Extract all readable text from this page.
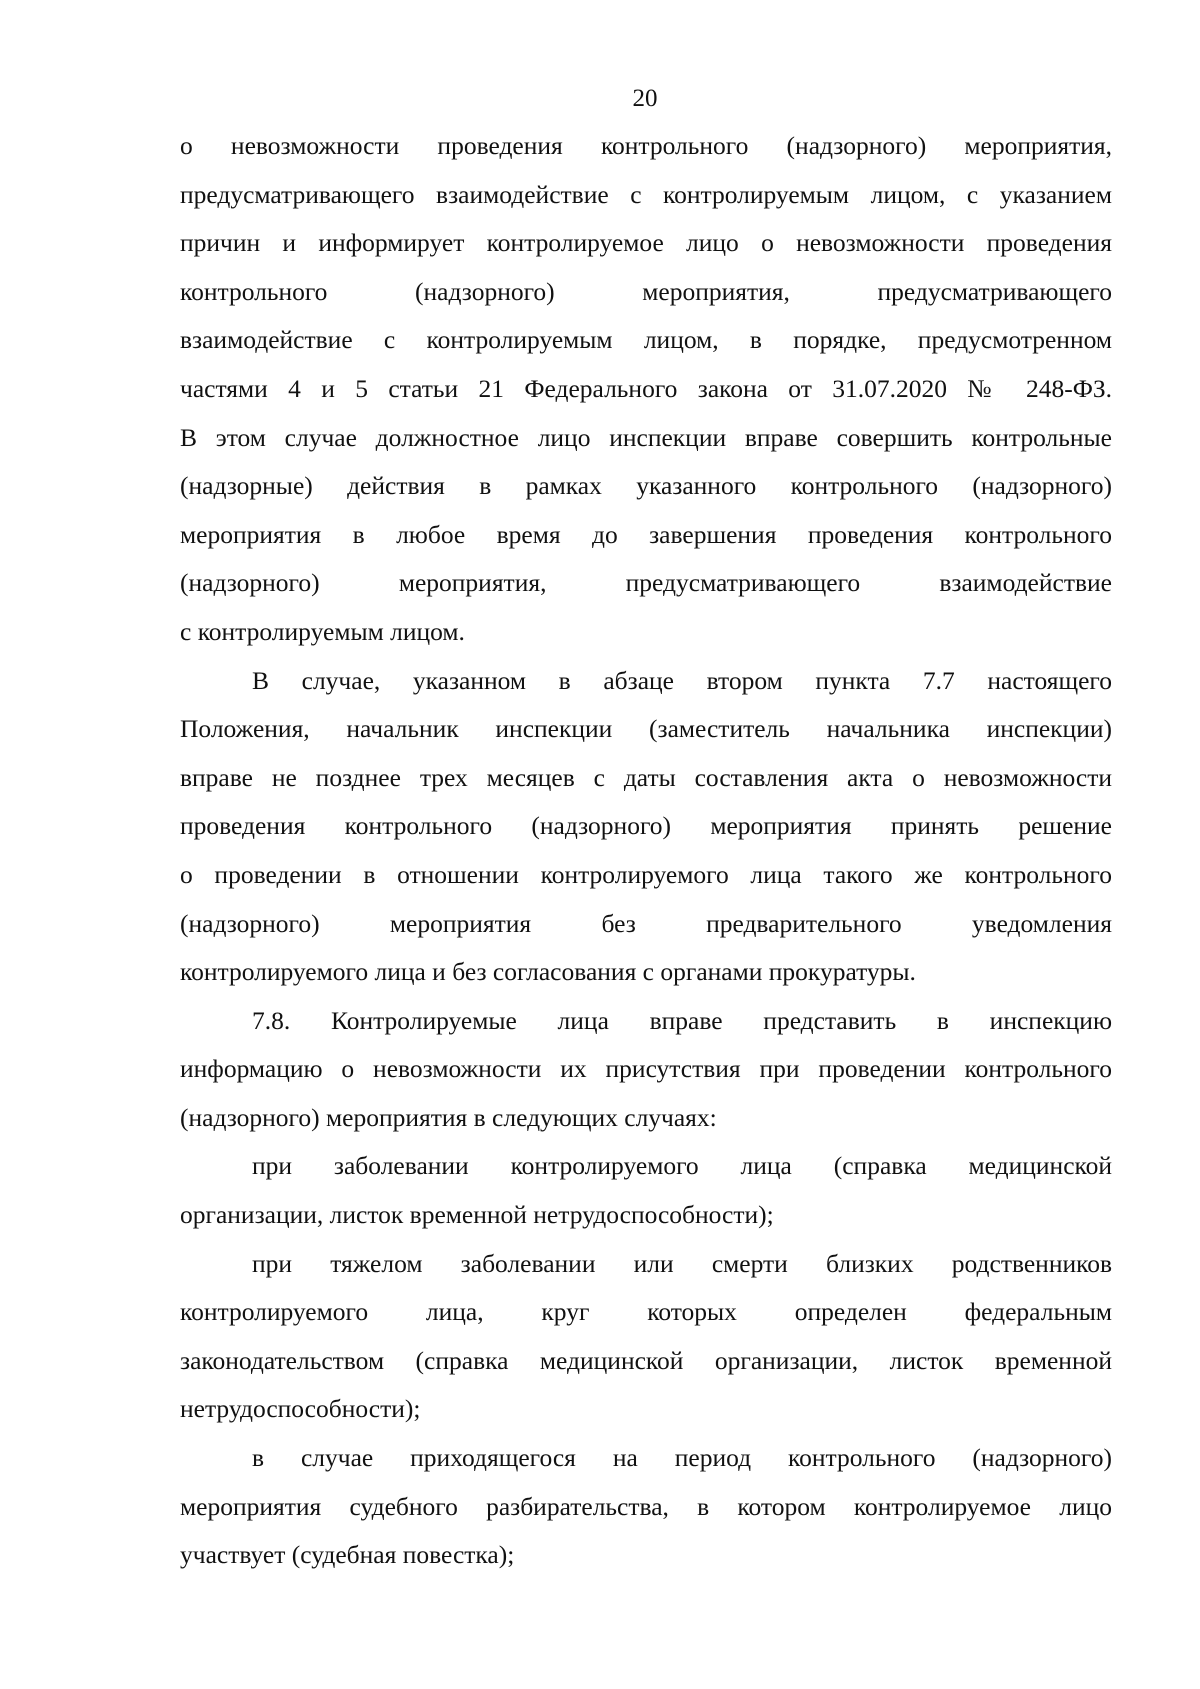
20

о невозможности проведения контрольного (надзорного) мероприятия,
предусматривающего взаимодействие с контролируемым лицом, с указанием
причин и информирует контролируемое лицо о невозможности проведения
контрольного (надзорного) мероприятия, предусматривающего
взаимодействие с контролируемым лицом, в порядке, предусмотренном
частями 4 и 5 статьи 21 Федерального закона от 31.07.2020 № 248-ФЗ.
В этом случае должностное лицо инспекции вправе совершить контрольные
(надзорные) действия в рамках указанного контрольного (надзорного)
мероприятия в любое время до завершения проведения контрольного
(надзорного) мероприятия, предусматривающего взаимодействие
с контролируемым лицом.

В случае, указанном в абзаце втором пункта 7.7 настоящего
Положения, начальник инспекции (заместитель начальника инспекции)
вправе не позднее трех месяцев с даты составления акта о невозможности
проведения контрольного (надзорного) мероприятия принять решение
о проведении в отношении контролируемого лица такого же контрольного
(надзорного) мероприятия без предварительного уведомления
контролируемого лица и без согласования с органами прокуратуры.

7.8. Контролируемые лица вправе представить в инспекцию
информацию о невозможности их присутствия при проведении контрольного
(надзорного) мероприятия в следующих случаях:

при заболевании контролируемого лица (справка медицинской
организации, листок временной нетрудоспособности);

при тяжелом заболевании или смерти близких родственников
контролируемого лица, круг которых определен федеральным
законодательством (справка медицинской организации, листок временной
нетрудоспособности);

в случае приходящегося на период контрольного (надзорного)
мероприятия судебного разбирательства, в котором контролируемое лицо
участвует (судебная повестка);
